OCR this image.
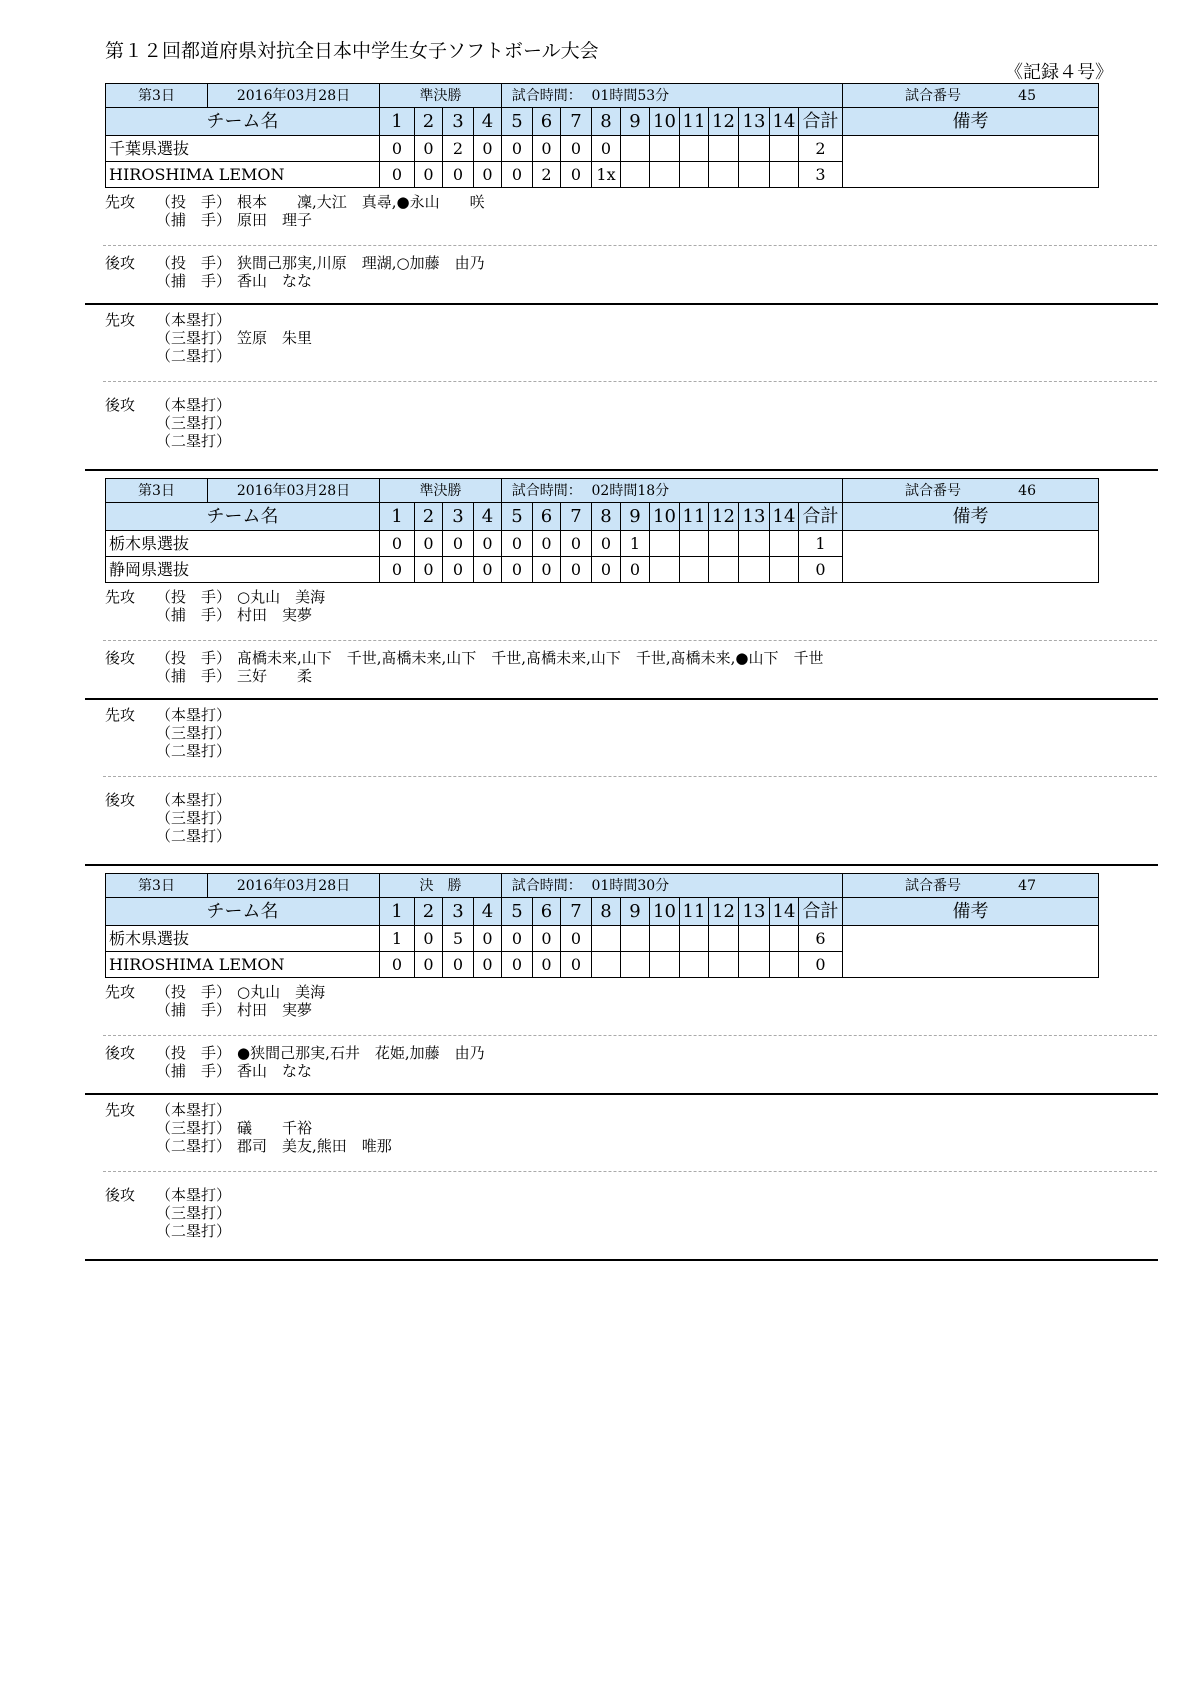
第１２回都道府県対抗全日本中学生女子ソフトボール大会
《記録４号》
第3日	2016年03月28日	準決勝				試合時間：			01時間53分								試合番号 45
チーム名		1	2	3	4	5	6	7	8	9	10	11	12	13	14	合計	備考
千葉県選抜		0	0	2	0	0	0	0	0							2	
HIROSHIMA LEMON		0	0	0	0	0	2	0	1x							3	
先攻 （投　手） 根本　　凜,大江　真尋,●永山　　咲
（捕　手） 原田　理子
後攻 （投　手） 狭間己那実,川原　理湖,○加藤　由乃
（捕　手） 香山　なな
先攻 （本塁打）
（三塁打） 笠原　朱里
（二塁打）
後攻 （本塁打）
（三塁打）
（二塁打）
第3日	2016年03月28日	準決勝				試合時間：			02時間18分								試合番号 46
チーム名		1	2	3	4	5	6	7	8	9	10	11	12	13	14	合計	備考
栃木県選抜		0	0	0	0	0	0	0	0	1						1	
静岡県選抜		0	0	0	0	0	0	0	0	0						0	
先攻 （投　手） ○丸山　美海
（捕　手） 村田　実夢
後攻 （投　手） 髙橋未来,山下　千世,髙橋未来,山下　千世,髙橋未来,山下　千世,髙橋未来,●山下　千世
（捕　手） 三好　　柔
先攻 （本塁打）
（三塁打）
（二塁打）
後攻 （本塁打）
（三塁打）
（二塁打）
第3日	2016年03月28日	決　勝				試合時間：			01時間30分								試合番号 47
チーム名		1	2	3	4	5	6	7	8	9	10	11	12	13	14	合計	備考
栃木県選抜		1	0	5	0	0	0	0								6	
HIROSHIMA LEMON		0	0	0	0	0	0	0								0	
先攻 （投　手） ○丸山　美海
（捕　手） 村田　実夢
後攻 （投　手） ●狭間己那実,石井　花姫,加藤　由乃
（捕　手） 香山　なな
先攻 （本塁打）
（三塁打） 礒　　千裕
（二塁打） 郡司　美友,熊田　唯那
後攻 （本塁打）
（三塁打）
（二塁打）
